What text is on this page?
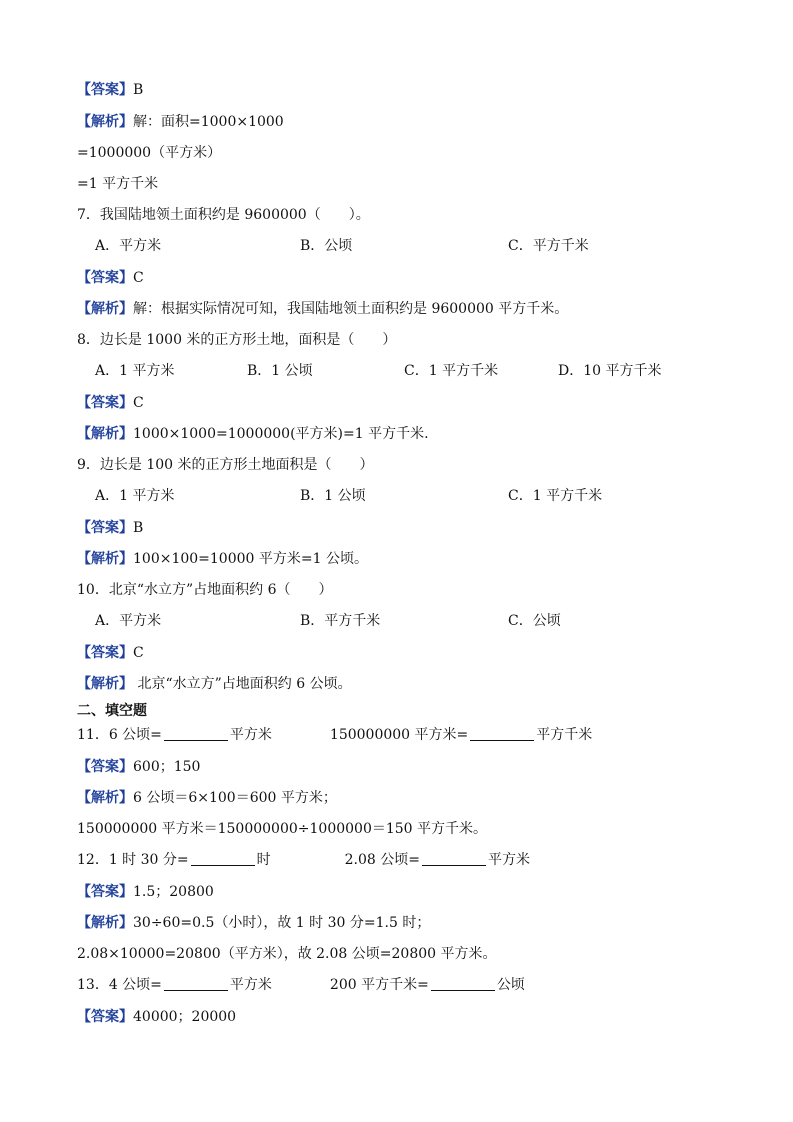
【答案】B
【解析】解：面积=1000×1000
=1000000（平方米）
=1 平方千米
7．我国陆地领土面积约是 9600000（　　）。
A．平方米	B．公顷	C．平方千米
【答案】C
【解析】解：根据实际情况可知，我国陆地领土面积约是 9600000 平方千米。
8．边长是 1000 米的正方形土地，面积是（　　）
A．1 平方米	B．1 公顷	C．1 平方千米	D．10 平方千米
【答案】C
【解析】1000×1000=1000000(平方米)=1 平方千米.
9．边长是 100 米的正方形土地面积是（　　）
A．1 平方米	B．1 公顷	C．1 平方千米
【答案】B
【解析】100×100=10000 平方米=1 公顷。
10．北京“水立方”占地面积约 6（　　）
A．平方米	B．平方千米	C．公顷
【答案】C
【解析】 北京“水立方”占地面积约 6 公顷。
二、填空题
11．6 公顷=	平方米	150000000 平方米=	平方千米
【答案】600；150
【解析】6 公顷＝6×100＝600 平方米；
150000000 平方米＝150000000÷1000000＝150 平方千米。
12．1 时 30 分=	时	2.08 公顷=	平方米
【答案】1.5；20800
【解析】30÷60=0.5（小时），故 1 时 30 分=1.5 时；
2.08×10000=20800（平方米），故 2.08 公顷=20800 平方米。
13．4 公顷=	平方米	200 平方千米=	公顷
【答案】40000；20000
